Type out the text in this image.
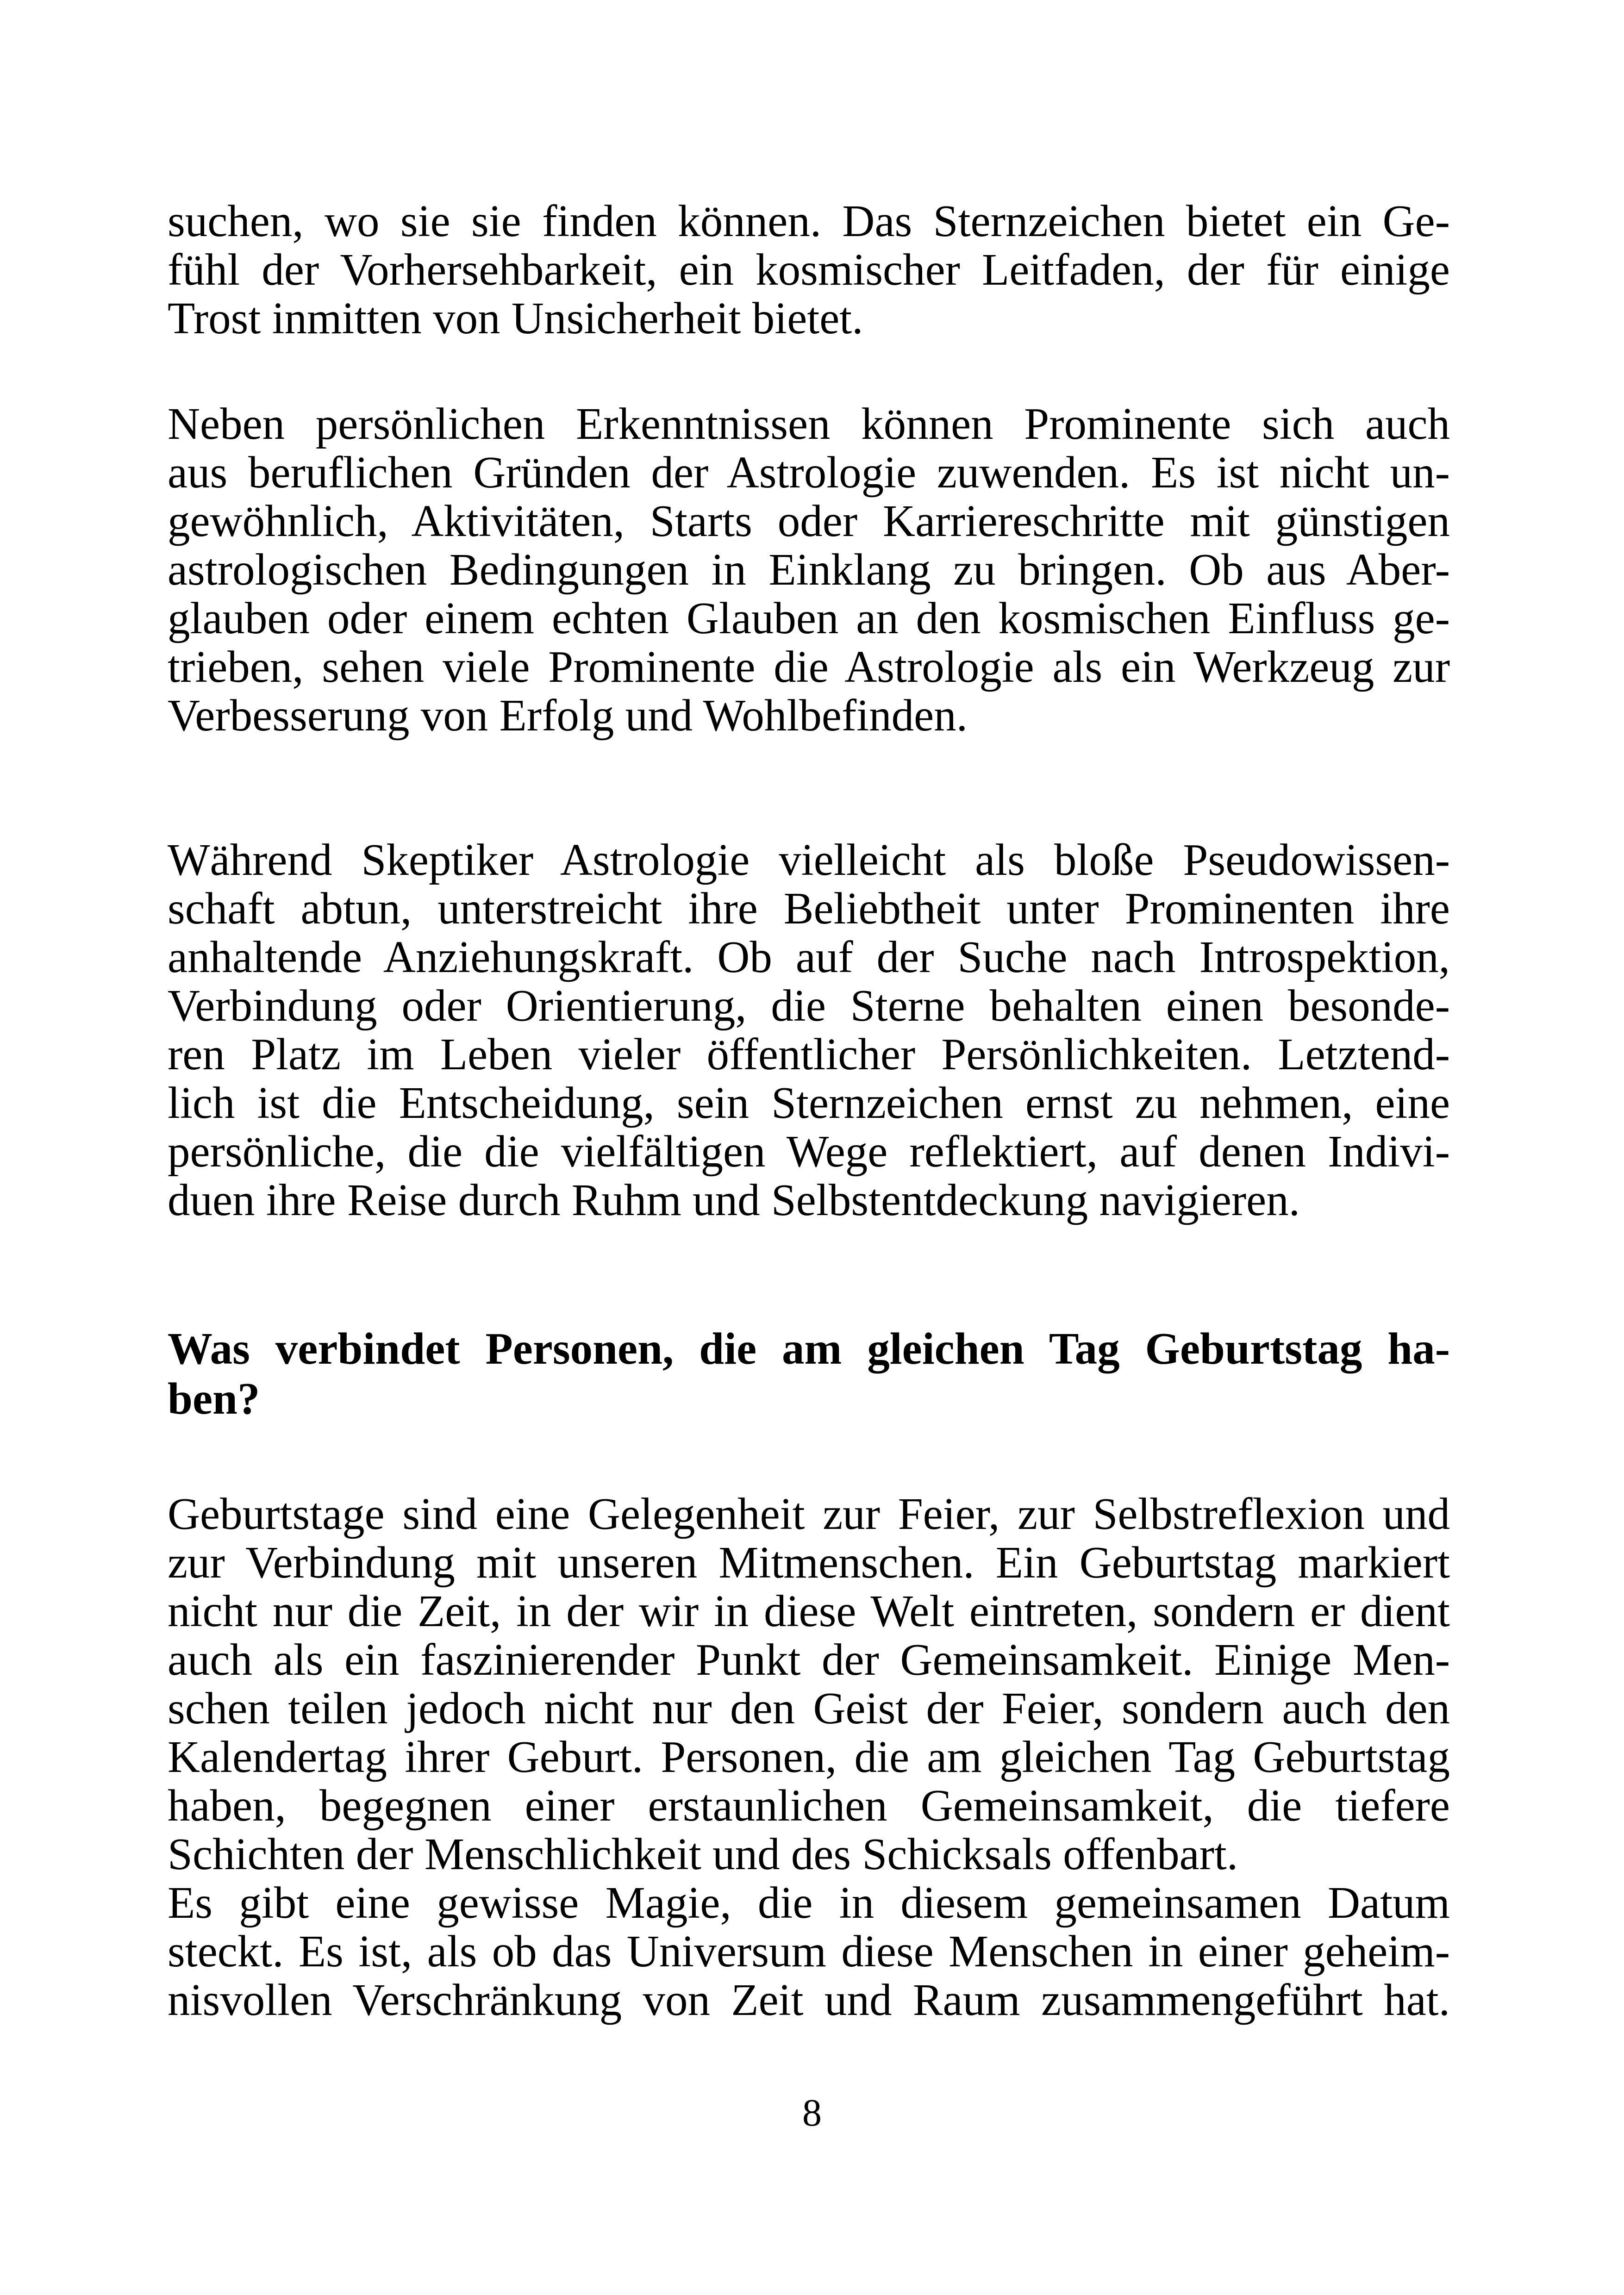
suchen, wo sie sie finden können. Das Sternzeichen bietet ein Ge-
fühl der Vorhersehbarkeit, ein kosmischer Leitfaden, der für einige
Trost inmitten von Unsicherheit bietet.

Neben persönlichen Erkenntnissen können Prominente sich auch
aus beruflichen Gründen der Astrologie zuwenden. Es ist nicht un-
gewöhnlich, Aktivitäten, Starts oder Karriereschritte mit günstigen
astrologischen Bedingungen in Einklang zu bringen. Ob aus Aber-
glauben oder einem echten Glauben an den kosmischen Einfluss ge-
trieben, sehen viele Prominente die Astrologie als ein Werkzeug zur
Verbesserung von Erfolg und Wohlbefinden.

Während Skeptiker Astrologie vielleicht als bloße Pseudowissen-
schaft abtun, unterstreicht ihre Beliebtheit unter Prominenten ihre
anhaltende Anziehungskraft. Ob auf der Suche nach Introspektion,
Verbindung oder Orientierung, die Sterne behalten einen besonde-
ren Platz im Leben vieler öffentlicher Persönlichkeiten. Letztend-
lich ist die Entscheidung, sein Sternzeichen ernst zu nehmen, eine
persönliche, die die vielfältigen Wege reflektiert, auf denen Indivi-
duen ihre Reise durch Ruhm und Selbstentdeckung navigieren.

Was verbindet Personen, die am gleichen Tag Geburtstag ha-
ben?

Geburtstage sind eine Gelegenheit zur Feier, zur Selbstreflexion und
zur Verbindung mit unseren Mitmenschen. Ein Geburtstag markiert
nicht nur die Zeit, in der wir in diese Welt eintreten, sondern er dient
auch als ein faszinierender Punkt der Gemeinsamkeit. Einige Men-
schen teilen jedoch nicht nur den Geist der Feier, sondern auch den
Kalendertag ihrer Geburt. Personen, die am gleichen Tag Geburtstag
haben, begegnen einer erstaunlichen Gemeinsamkeit, die tiefere
Schichten der Menschlichkeit und des Schicksals offenbart.

Es gibt eine gewisse Magie, die in diesem gemeinsamen Datum
steckt. Es ist, als ob das Universum diese Menschen in einer geheim-
nisvollen Verschränkung von Zeit und Raum zusammengeführt hat.

8
